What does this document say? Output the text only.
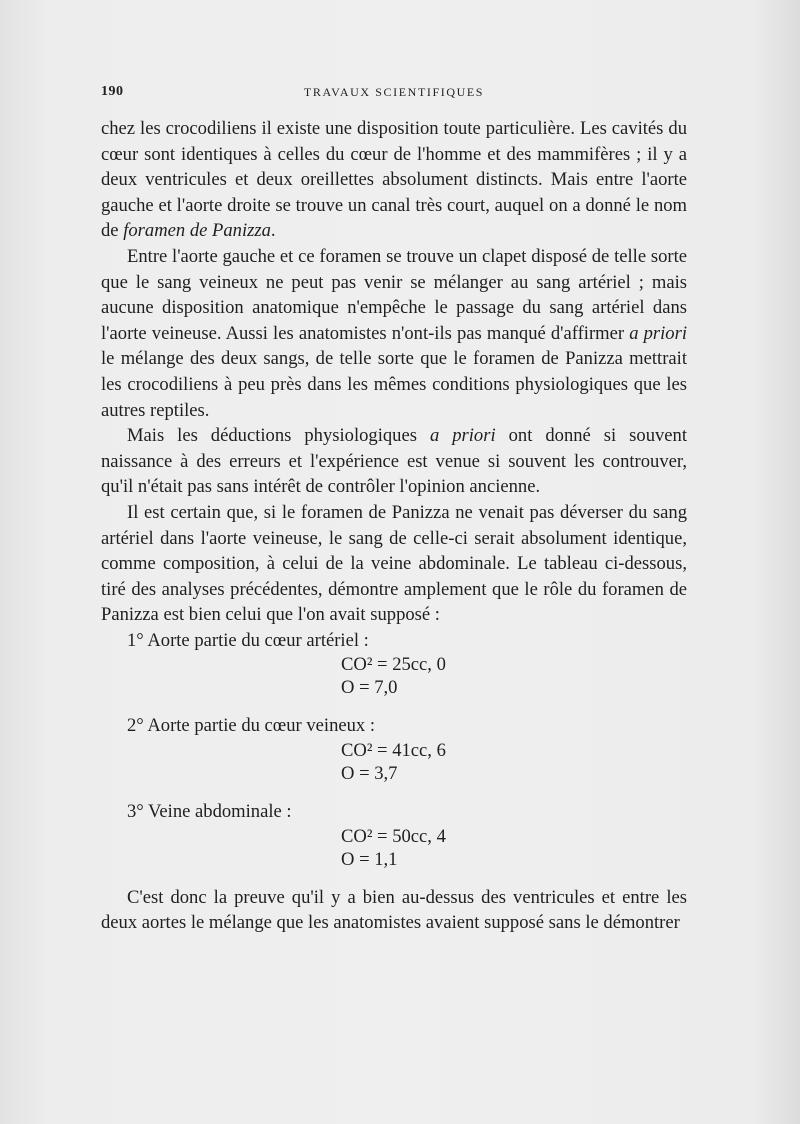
190	TRAVAUX SCIENTIFIQUES

chez les crocodiliens il existe une disposition toute particulière. Les cavités du cœur sont identiques à celles du cœur de l'homme et des mammifères ; il y a deux ventricules et deux oreillettes absolument distincts. Mais entre l'aorte gauche et l'aorte droite se trouve un canal très court, auquel on a donné le nom de foramen de Panizza.

Entre l'aorte gauche et ce foramen se trouve un clapet disposé de telle sorte que le sang veineux ne peut pas venir se mélanger au sang artériel ; mais aucune disposition anatomique n'empêche le passage du sang artériel dans l'aorte veineuse. Aussi les anatomistes n'ont-ils pas manqué d'affirmer a priori le mélange des deux sangs, de telle sorte que le foramen de Panizza mettrait les crocodiliens à peu près dans les mêmes conditions physiologiques que les autres reptiles.

Mais les déductions physiologiques a priori ont donné si souvent naissance à des erreurs et l'expérience est venue si souvent les controuver, qu'il n'était pas sans intérêt de contrôler l'opinion ancienne.

Il est certain que, si le foramen de Panizza ne venait pas déverser du sang artériel dans l'aorte veineuse, le sang de celle-ci serait absolument identique, comme composition, à celui de la veine abdominale. Le tableau ci-dessous, tiré des analyses précédentes, démontre amplement que le rôle du foramen de Panizza est bien celui que l'on avait supposé :

1° Aorte partie du cœur artériel :

CO² = 25cc, 0
O = 7,0

2° Aorte partie du cœur veineux :

CO² = 41cc, 6
O = 3,7

3° Veine abdominale :

CO² = 50cc, 4
O = 1,1

C'est donc la preuve qu'il y a bien au-dessus des ventricules et entre les deux aortes le mélange que les anatomistes avaient supposé sans le démontrer
